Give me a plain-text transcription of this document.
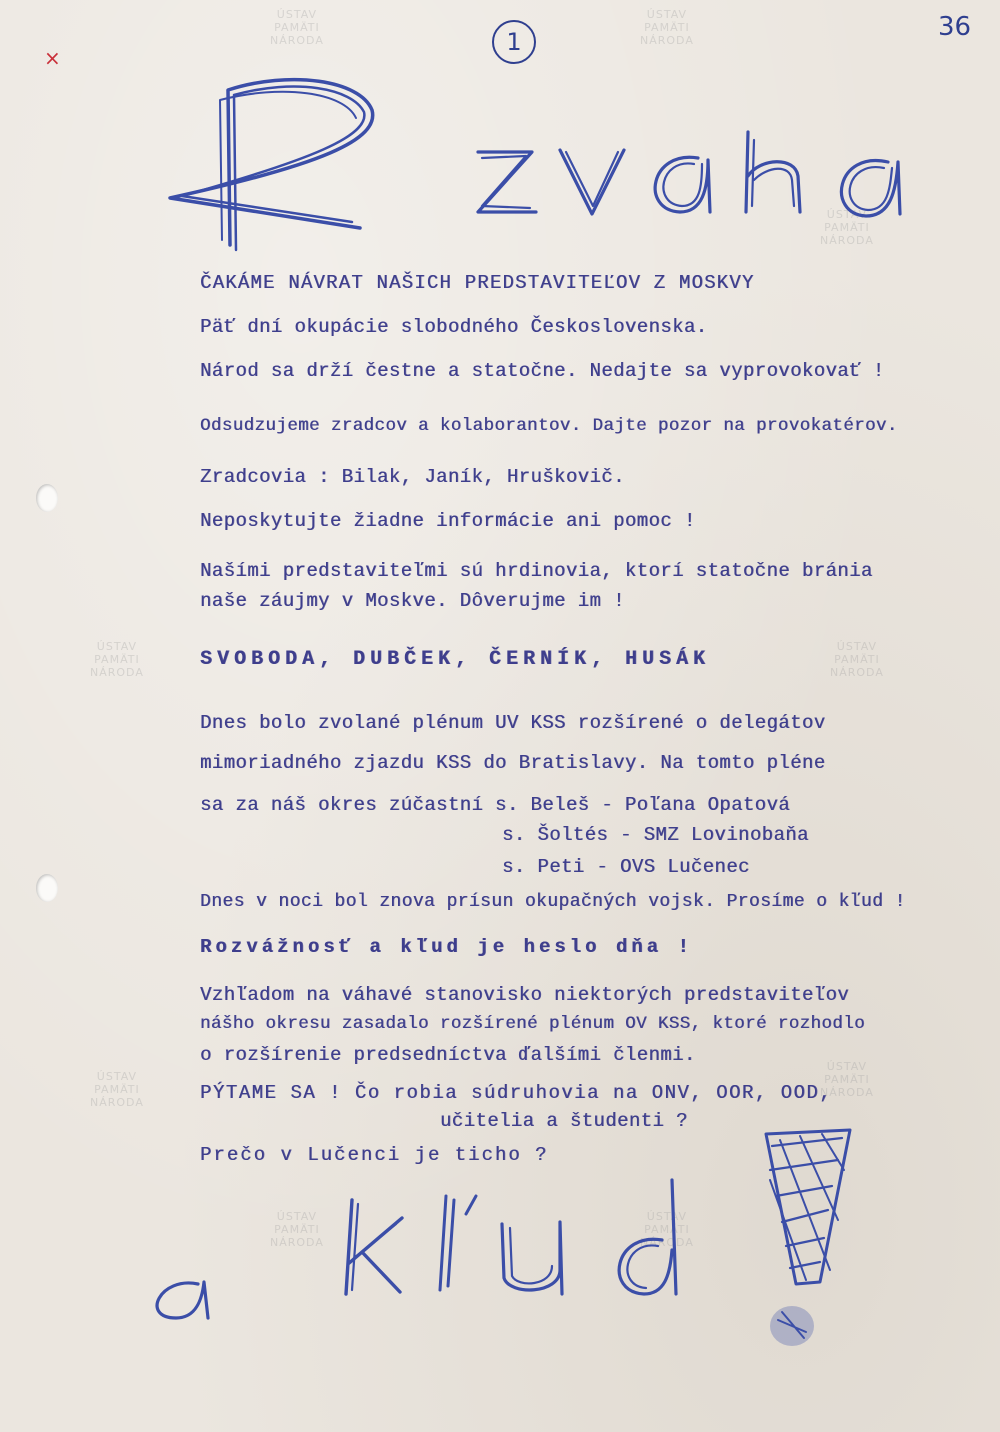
ÚSTAV
PAMÄTI
NÁRODA
ÚSTAV
PAMÄTI
NÁRODA
ÚSTAV
PAMÄTI
NÁRODA
ÚSTAV
PAMÄTI
NÁRODA
ÚSTAV
PAMÄTI
NÁRODA
ÚSTAV
PAMÄTI
NÁRODA
ÚSTAV
PAMÄTI
NÁRODA
ÚSTAV
PAMÄTI
NÁRODA
ÚSTAV
PAMÄTI
NÁRODA
×
1	36
ČAKÁME NÁVRAT NAŠICH PREDSTAVITEĽOV Z MOSKVY
Päť dní okupácie slobodného Československa.
Národ sa drží čestne a statočne. Nedajte sa vyprovokovať !
Odsudzujeme zradcov a kolaborantov. Dajte pozor na provokatérov.
Zradcovia : Bilak, Janík, Hruškovič.
Neposkytujte žiadne informácie ani pomoc !
Našími predstaviteľmi sú hrdinovia, ktorí statočne bránia
naše záujmy v Moskve. Dôverujme im !
SVOBODA, DUBČEK, ČERNÍK, HUSÁK
Dnes bolo zvolané plénum UV KSS rozšírené o delegátov
mimoriadného zjazdu KSS do Bratislavy. Na tomto pléne
sa za náš okres zúčastní s. Beleš - Poľana Opatová
s. Šoltés - SMZ Lovinobaňa
s. Peti - OVS Lučenec
Dnes v noci bol znova prísun okupačných vojsk. Prosíme o kľud !
Rozvážnosť a kľud je heslo dňa !
Vzhľadom na váhavé stanovisko niektorých predstaviteľov
nášho okresu zasadalo rozšírené plénum OV KSS, ktoré rozhodlo
o rozšírenie predsedníctva ďalšími členmi.
PÝTAME SA ! Čo robia súdruhovia na ONV, OOR, OOD,
učitelia a študenti ?
Prečo v Lučenci je ticho ?
